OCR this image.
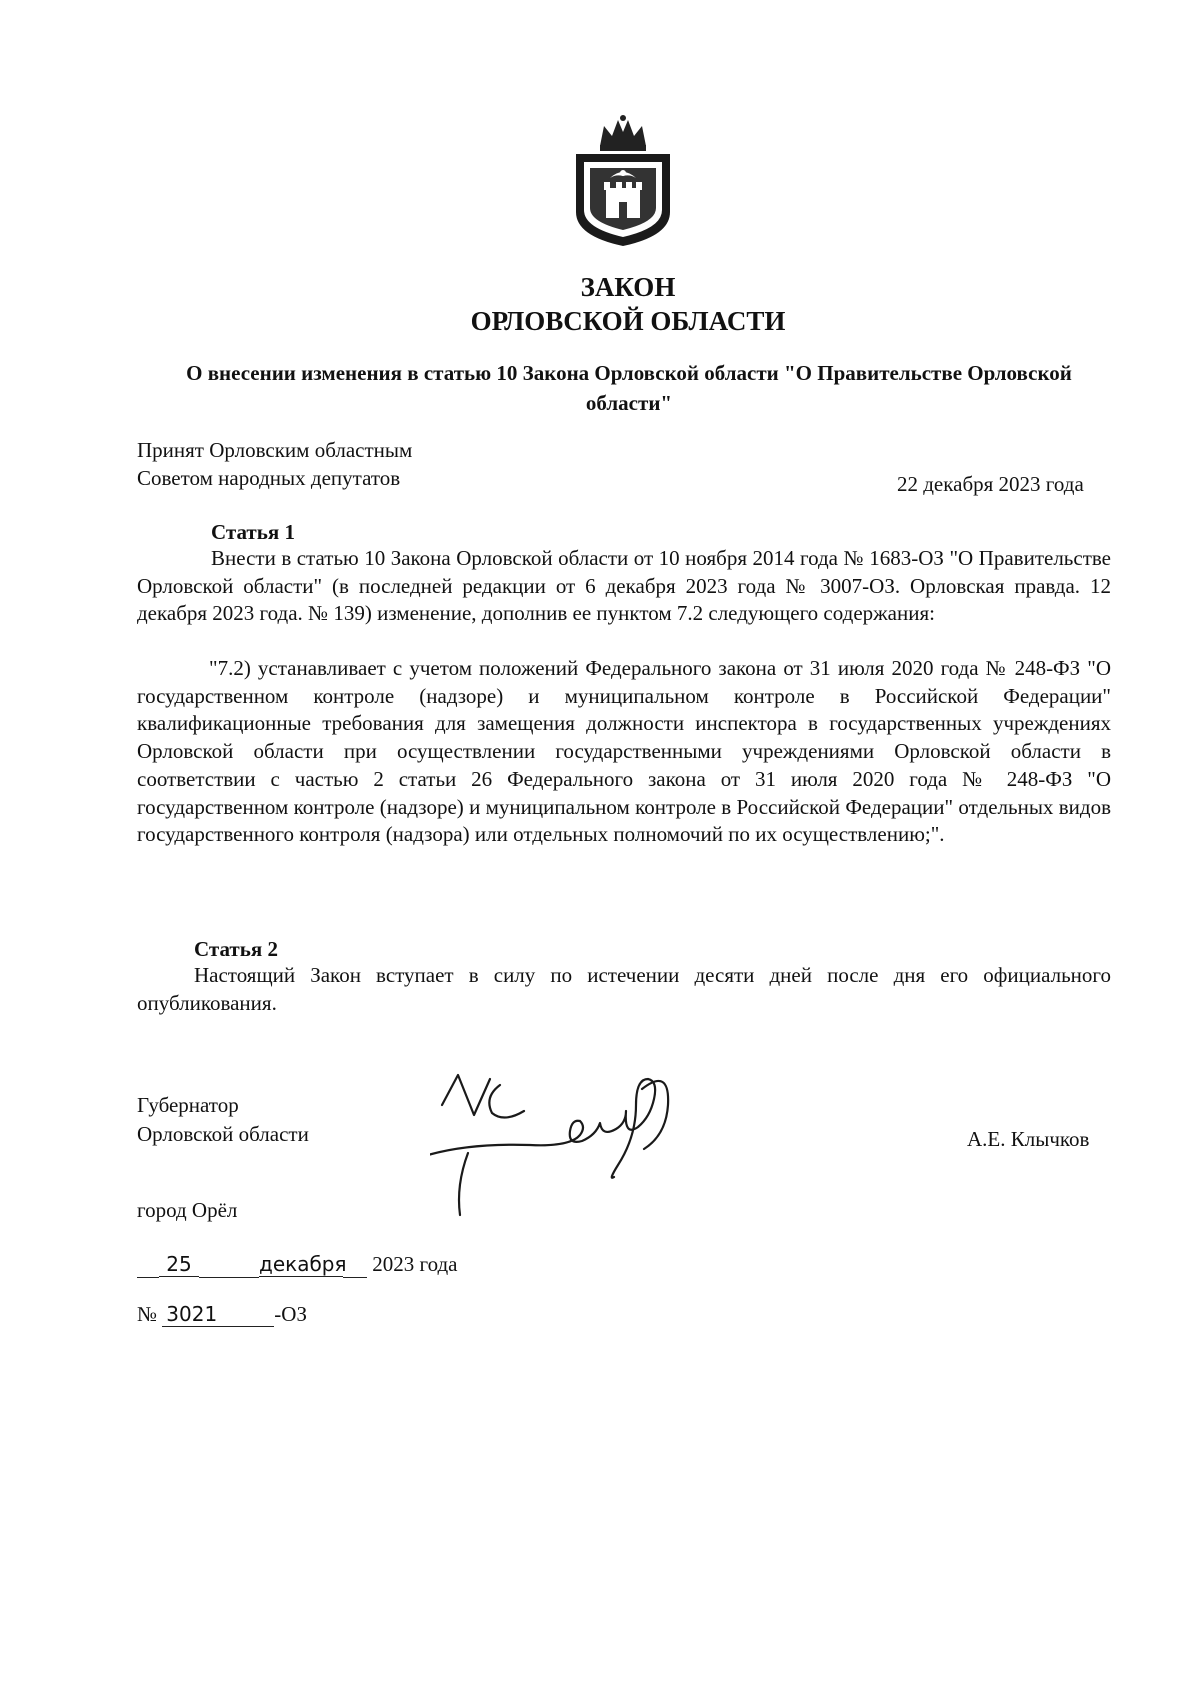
ЗАКОН
ОРЛОВСКОЙ ОБЛАСТИ
О внесении изменения в статью 10 Закона Орловской области "О Правительстве Орловской области"
Принят Орловским областным
Советом народных депутатов	22 декабря 2023 года
Статья 1
Внести в статью 10 Закона Орловской области от 10 ноября 2014 года № 1683-ОЗ "О Правительстве Орловской области" (в последней редакции от 6 декабря 2023 года № 3007-ОЗ. Орловская правда. 12 декабря 2023 года. № 139) изменение, дополнив ее пунктом 7.2 следующего содержания:
"7.2) устанавливает с учетом положений Федерального закона от 31 июля 2020 года № 248-ФЗ "О государственном контроле (надзоре) и муниципальном контроле в Российской Федерации" квалификационные требования для замещения должности инспектора в государственных учреждениях Орловской области при осуществлении государственными учреждениями Орловской области в соответствии с частью 2 статьи 26 Федерального закона от 31 июля 2020 года № 248-ФЗ "О государственном контроле (надзоре) и муниципальном контроле в Российской Федерации" отдельных видов государственного контроля (надзора) или отдельных полномочий по их осуществлению;".
Статья 2
Настоящий Закон вступает в силу по истечении десяти дней после дня его официального опубликования.
Губернатор
Орловской области	А.Е. Клычков
город Орёл
25	декабря 2023 года
№ 3021	-ОЗ
